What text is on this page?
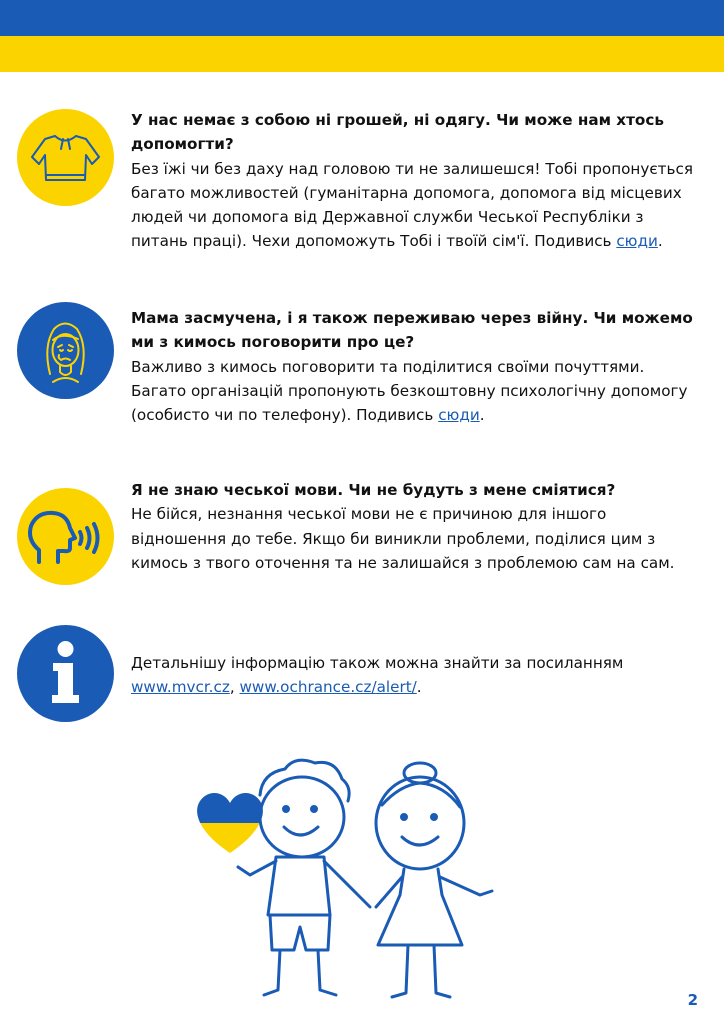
У нас немає з собою ні грошей, ні одягу. Чи може нам хтось допомогти?
Без їжі чи без даху над головою ти не залишешся! Тобі пропонується багато можливостей (гуманітарна допомога, допомога від місцевих людей чи допомога від Державної служби Чеської Республіки з питань праці). Чехи допоможуть Тобі і твоїй сім'ї. Подивись сюди.
Мама засмучена, і я також переживаю через війну. Чи можемо ми з кимось поговорити про це?
Важливо з кимось поговорити та поділитися своїми почуттями. Багато організацій пропонують безкоштовну психологічну допомогу (особисто чи по телефону). Подивись сюди.
Я не знаю чеської мови. Чи не будуть з мене сміятися?
Не бійся, незнання чеської мови не є причиною для іншого відношення до тебе. Якщо би виникли проблеми, поділися цим з кимось з твого оточення та не залишайся з проблемою сам на сам.
Детальнішу інформацію також можна знайти за посиланням www.mvcr.cz, www.ochrance.cz/alert/.
2
